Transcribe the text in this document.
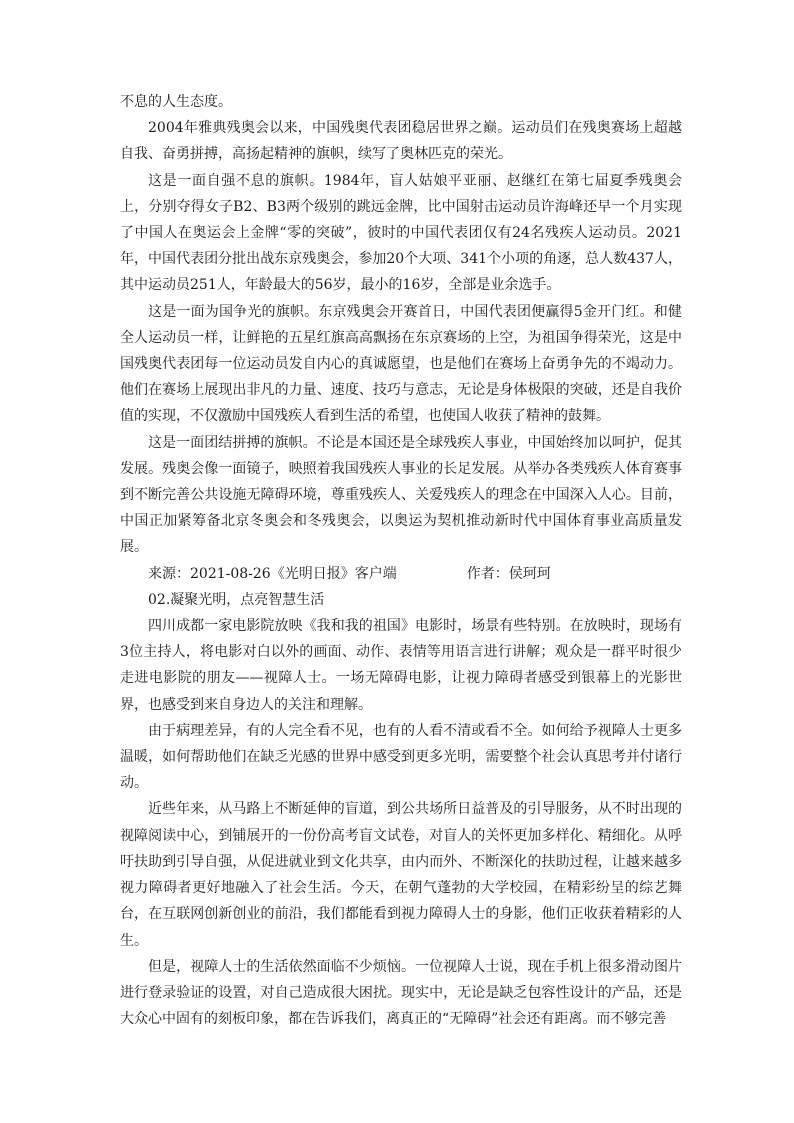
不息的人生态度。

2004年雅典残奥会以来，中国残奥代表团稳居世界之巅。运动员们在残奥赛场上超越自我、奋勇拼搏，高扬起精神的旗帜，续写了奥林匹克的荣光。

这是一面自强不息的旗帜。1984年，盲人姑娘平亚丽、赵继红在第七届夏季残奥会上，分别夺得女子B2、B3两个级别的跳远金牌，比中国射击运动员许海峰还早一个月实现了中国人在奥运会上金牌“零的突破”，彼时的中国代表团仅有24名残疾人运动员。2021年，中国代表团分批出战东京残奥会，参加20个大项、341个小项的角逐，总人数437人，其中运动员251人，年龄最大的56岁，最小的16岁，全部是业余选手。

这是一面为国争光的旗帜。东京残奥会开赛首日，中国代表团便赢得5金开门红。和健全人运动员一样，让鲜艳的五星红旗高高飘扬在东京赛场的上空，为祖国争得荣光，这是中国残奥代表团每一位运动员发自内心的真诚愿望，也是他们在赛场上奋勇争先的不竭动力。他们在赛场上展现出非凡的力量、速度、技巧与意志，无论是身体极限的突破，还是自我价值的实现，不仅激励中国残疾人看到生活的希望，也使国人收获了精神的鼓舞。

这是一面团结拼搏的旗帜。不论是本国还是全球残疾人事业，中国始终加以呵护，促其发展。残奥会像一面镜子，映照着我国残疾人事业的长足发展。从举办各类残疾人体育赛事到不断完善公共设施无障碍环境，尊重残疾人、关爱残疾人的理念在中国深入人心。目前，中国正加紧筹备北京冬奥会和冬残奥会，以奥运为契机推动新时代中国体育事业高质量发展。

来源：2021-08-26《光明日报》客户端	作者：侯珂珂

02.凝聚光明，点亮智慧生活

四川成都一家电影院放映《我和我的祖国》电影时，场景有些特别。在放映时，现场有3位主持人，将电影对白以外的画面、动作、表情等用语言进行讲解；观众是一群平时很少走进电影院的朋友——视障人士。一场无障碍电影，让视力障碍者感受到银幕上的光影世界，也感受到来自身边人的关注和理解。

由于病理差异，有的人完全看不见，也有的人看不清或看不全。如何给予视障人士更多温暖，如何帮助他们在缺乏光感的世界中感受到更多光明，需要整个社会认真思考并付诸行动。

近些年来，从马路上不断延伸的盲道，到公共场所日益普及的引导服务，从不时出现的视障阅读中心，到铺展开的一份份高考盲文试卷，对盲人的关怀更加多样化、精细化。从呼吁扶助到引导自强，从促进就业到文化共享，由内而外、不断深化的扶助过程，让越来越多视力障碍者更好地融入了社会生活。今天，在朝气蓬勃的大学校园，在精彩纷呈的综艺舞台，在互联网创新创业的前沿，我们都能看到视力障碍人士的身影，他们正收获着精彩的人生。

但是，视障人士的生活依然面临不少烦恼。一位视障人士说，现在手机上很多滑动图片进行登录验证的设置，对自己造成很大困扰。现实中，无论是缺乏包容性设计的产品，还是大众心中固有的刻板印象，都在告诉我们，离真正的“无障碍”社会还有距离。而不够完善
